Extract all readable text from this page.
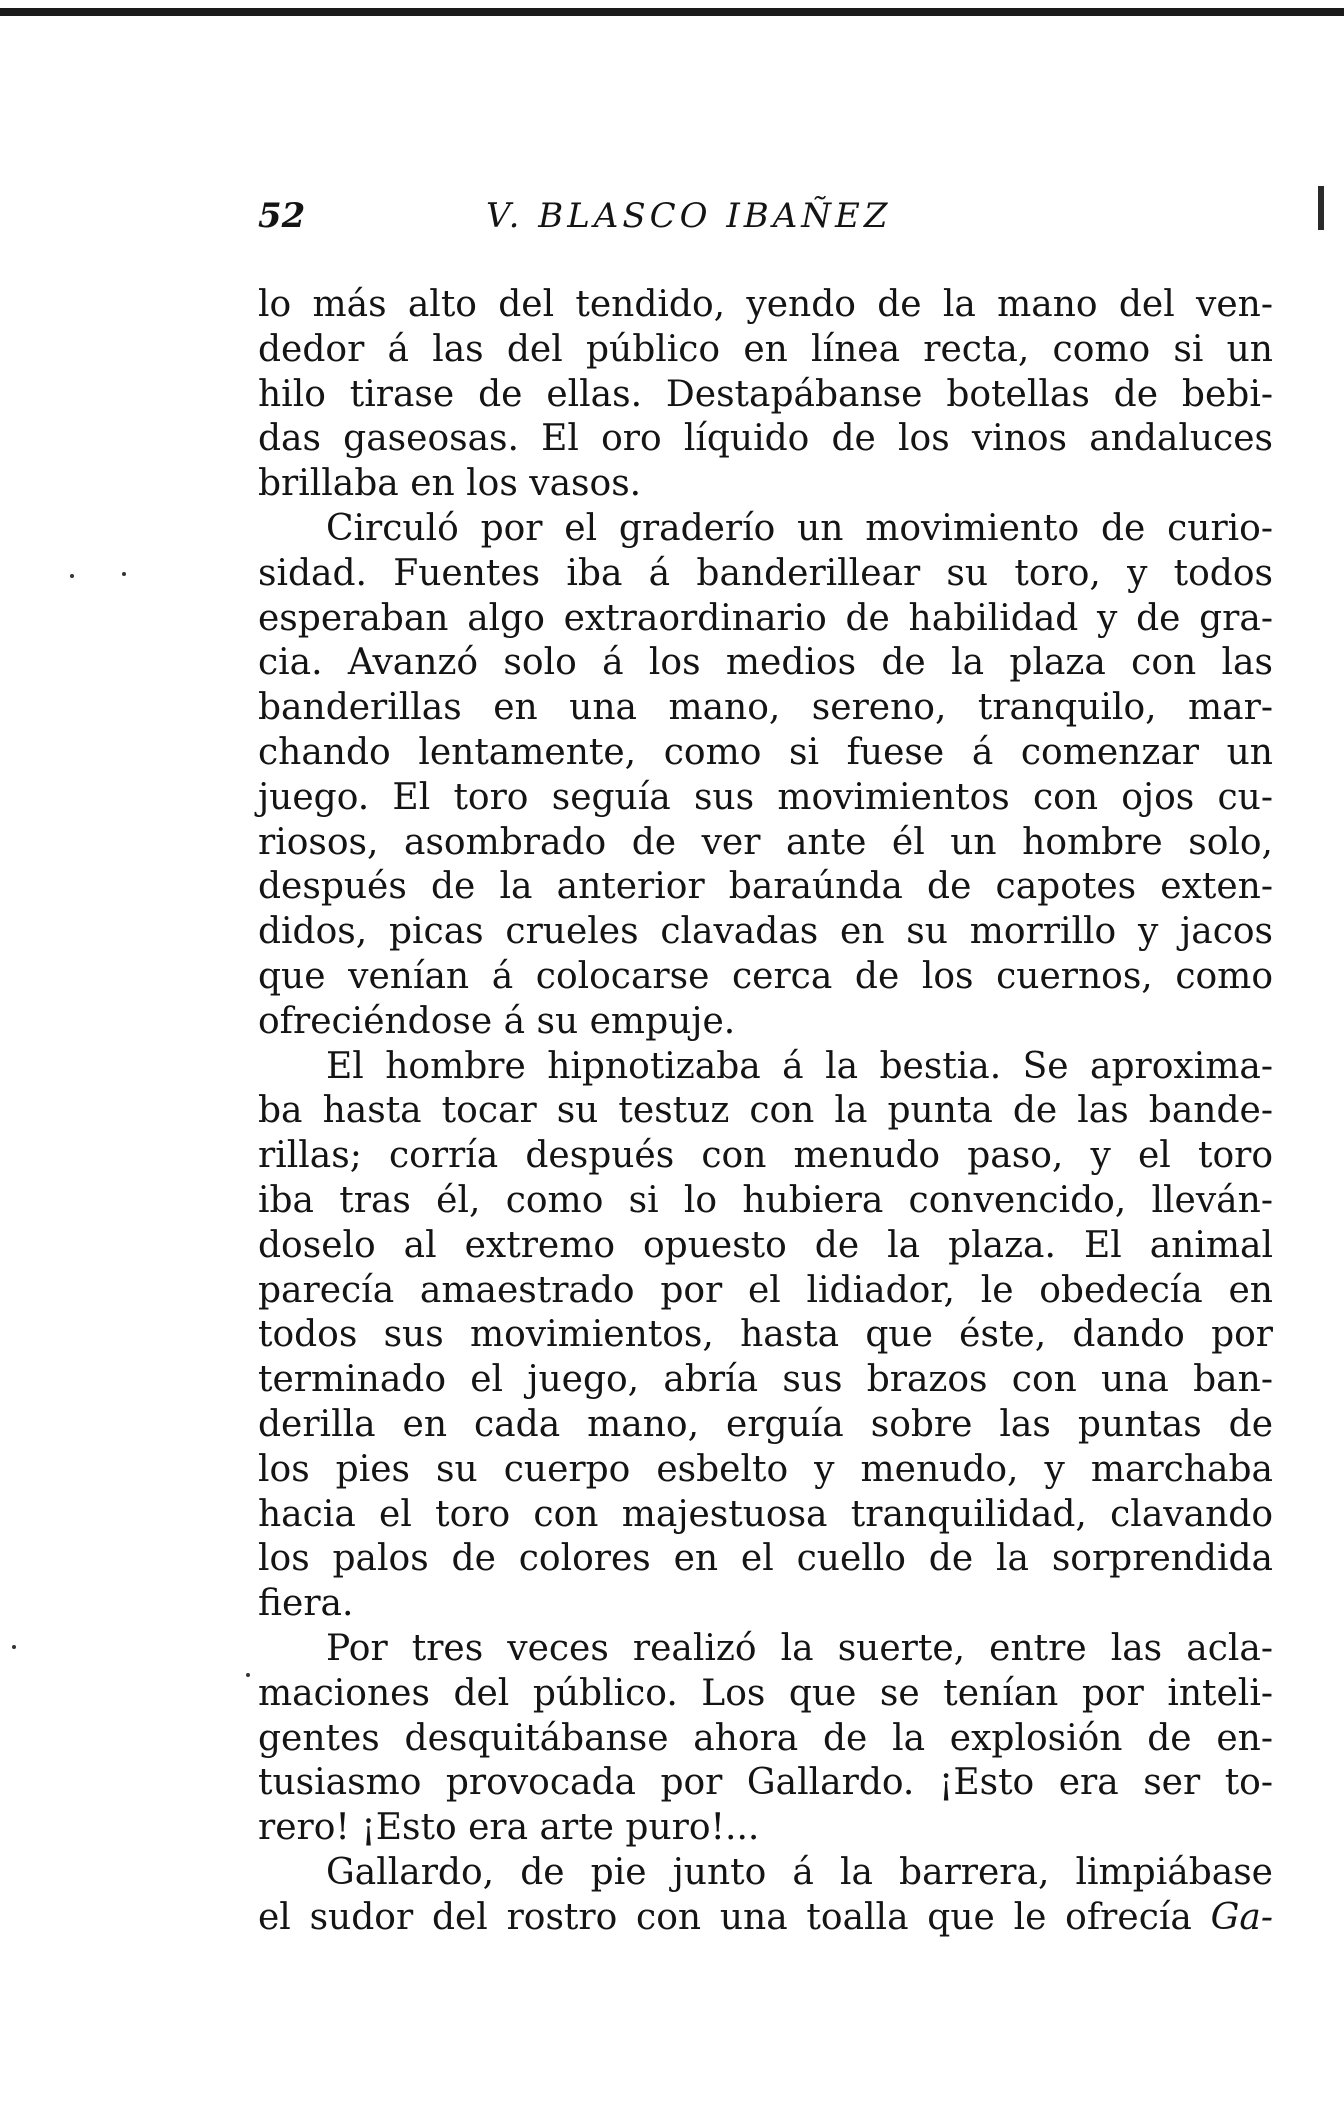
52	V. BLASCO IBAÑEZ
lo más alto del tendido, yendo de la mano del ven-
dedor á las del público en línea recta, como si un
hilo tirase de ellas. Destapábanse botellas de bebi-
das gaseosas. El oro líquido de los vinos andaluces
brillaba en los vasos.
Circuló por el graderío un movimiento de curio-
sidad. Fuentes iba á banderillear su toro, y todos
esperaban algo extraordinario de habilidad y de gra-
cia. Avanzó solo á los medios de la plaza con las
banderillas en una mano, sereno, tranquilo, mar-
chando lentamente, como si fuese á comenzar un
juego. El toro seguía sus movimientos con ojos cu-
riosos, asombrado de ver ante él un hombre solo,
después de la anterior baraúnda de capotes exten-
didos, picas crueles clavadas en su morrillo y jacos
que venían á colocarse cerca de los cuernos, como
ofreciéndose á su empuje.
El hombre hipnotizaba á la bestia. Se aproxima-
ba hasta tocar su testuz con la punta de las bande-
rillas; corría después con menudo paso, y el toro
iba tras él, como si lo hubiera convencido, lleván-
doselo al extremo opuesto de la plaza. El animal
parecía amaestrado por el lidiador, le obedecía en
todos sus movimientos, hasta que éste, dando por
terminado el juego, abría sus brazos con una ban-
derilla en cada mano, erguía sobre las puntas de
los pies su cuerpo esbelto y menudo, y marchaba
hacia el toro con majestuosa tranquilidad, clavando
los palos de colores en el cuello de la sorprendida
fiera.
Por tres veces realizó la suerte, entre las acla-
maciones del público. Los que se tenían por inteli-
gentes desquitábanse ahora de la explosión de en-
tusiasmo provocada por Gallardo. ¡Esto era ser to-
rero! ¡Esto era arte puro!...
Gallardo, de pie junto á la barrera, limpiábase
el sudor del rostro con una toalla que le ofrecía Ga-
